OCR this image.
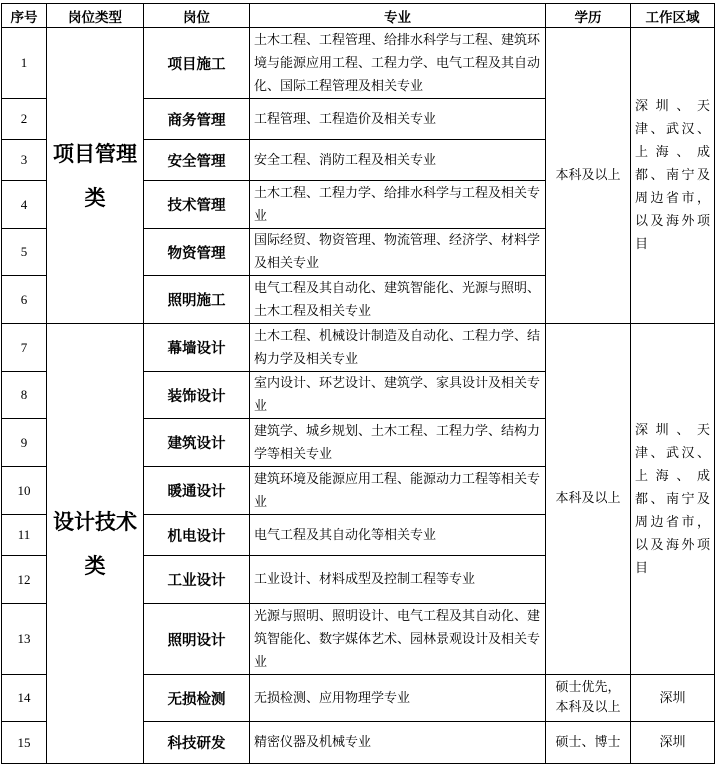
序号	岗位类型	岗位	专业	学历	工作区域
1	项目管理类	项目施工	土木工程、工程管理、给排水科学与工程、建筑环境与能源应用工程、工程力学、电气工程及其自动化、国际工程管理及相关专业	本科及以上	深圳、天津、武汉、上海、成都、南宁及周边省市，以及海外项目
2		商务管理	工程管理、工程造价及相关专业		
3		安全管理	安全工程、消防工程及相关专业		
4		技术管理	土木工程、工程力学、给排水科学与工程及相关专业		
5		物资管理	国际经贸、物资管理、物流管理、经济学、材料学及相关专业		
6		照明施工	电气工程及其自动化、建筑智能化、光源与照明、土木工程及相关专业		
7	设计技术类	幕墙设计	土木工程、机械设计制造及自动化、工程力学、结构力学及相关专业	本科及以上	深圳、天津、武汉、上海、成都、南宁及周边省市，以及海外项目
8		装饰设计	室内设计、环艺设计、建筑学、家具设计及相关专业		
9		建筑设计	建筑学、城乡规划、土木工程、工程力学、结构力学等相关专业		
10		暖通设计	建筑环境及能源应用工程、能源动力工程等相关专业		
11		机电设计	电气工程及其自动化等相关专业		
12		工业设计	工业设计、材料成型及控制工程等专业		
13		照明设计	光源与照明、照明设计、电气工程及其自动化、建筑智能化、数字媒体艺术、园林景观设计及相关专业		
14		无损检测	无损检测、应用物理学专业	硕士优先，本科及以上	深圳
15		科技研发	精密仪器及机械专业	硕士、博士	深圳
